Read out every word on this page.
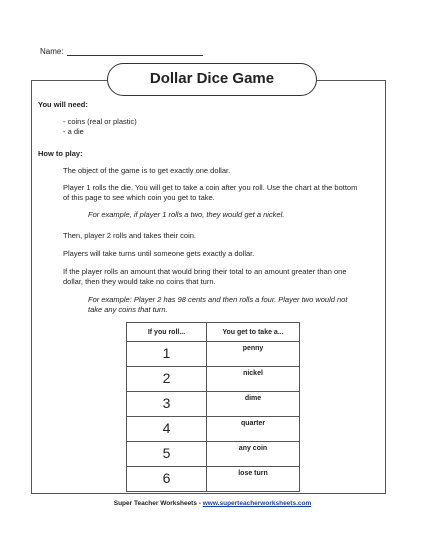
Name:
Dollar Dice Game
You will need:
- coins (real or plastic)
- a die
How to play:
The object of the game is to get exactly one dollar.
Player 1 rolls the die. You will get to take a coin after you roll. Use the chart at the bottom of this page to see which coin you get to take.
For example, if player 1 rolls a two, they would get a nickel.
Then, player 2 rolls and takes their coin.
Players will take turns until someone gets exactly a dollar.
If the player rolls an amount that would bring their total to an amount greater than one dollar, then they would take no coins that turn.
For example: Player 2 has 98 cents and then rolls a four. Player two would not take any coins that turn.
If you roll...	You get to take a...
1	penny
2	nickel
3	dime
4	quarter
5	any coin
6	lose turn
Super Teacher Worksheets - www.superteacherworksheets.com
